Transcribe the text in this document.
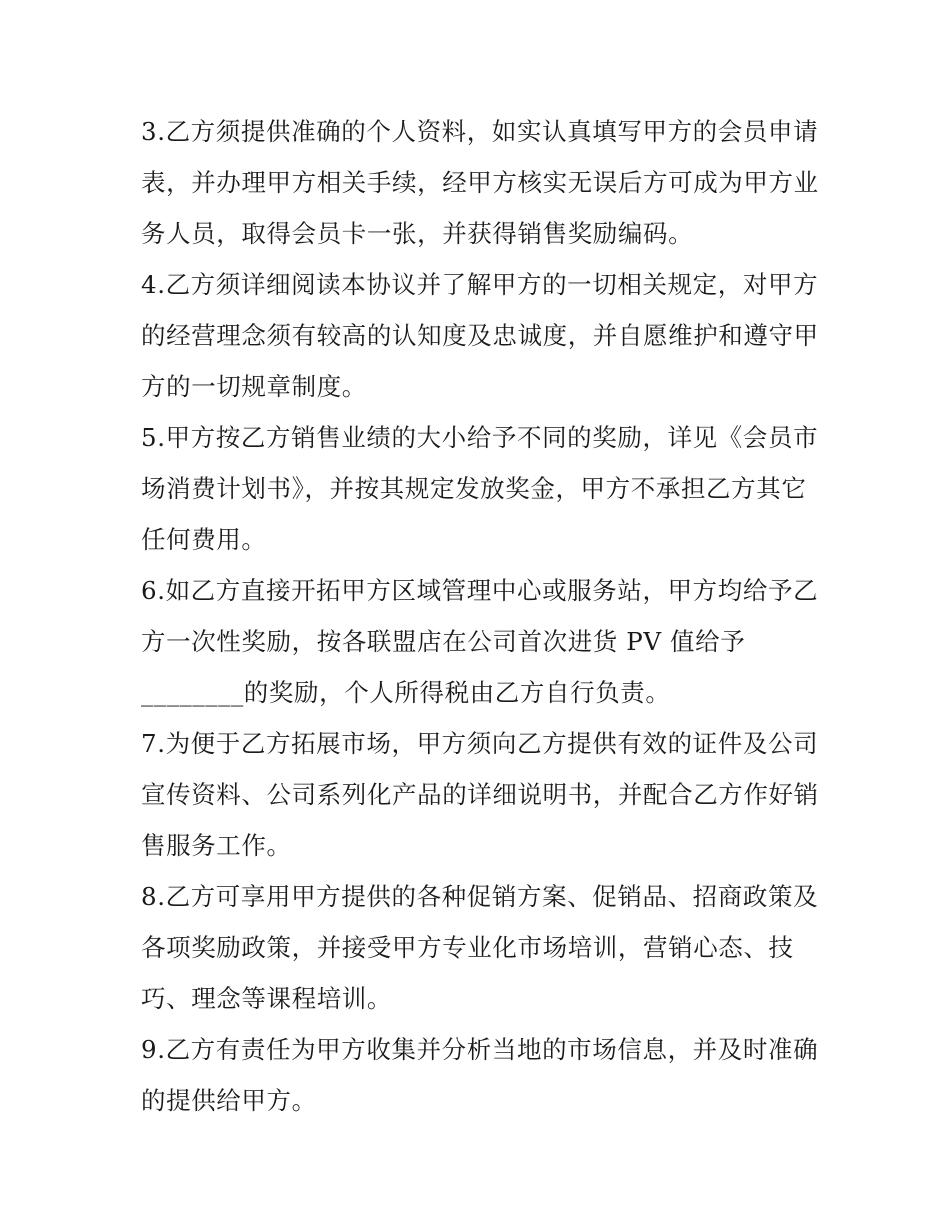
3.乙方须提供准确的个人资料，如实认真填写甲方的会员申请
表，并办理甲方相关手续，经甲方核实无误后方可成为甲方业
务人员，取得会员卡一张，并获得销售奖励编码。
4.乙方须详细阅读本协议并了解甲方的一切相关规定，对甲方
的经营理念须有较高的认知度及忠诚度，并自愿维护和遵守甲
方的一切规章制度。
5.甲方按乙方销售业绩的大小给予不同的奖励，详见《会员市
场消费计划书》，并按其规定发放奖金，甲方不承担乙方其它
任何费用。
6.如乙方直接开拓甲方区域管理中心或服务站，甲方均给予乙
方一次性奖励，按各联盟店在公司首次进货 PV 值给予
________的奖励，个人所得税由乙方自行负责。
7.为便于乙方拓展市场，甲方须向乙方提供有效的证件及公司
宣传资料、公司系列化产品的详细说明书，并配合乙方作好销
售服务工作。
8.乙方可享用甲方提供的各种促销方案、促销品、招商政策及
各项奖励政策，并接受甲方专业化市场培训，营销心态、技
巧、理念等课程培训。
9.乙方有责任为甲方收集并分析当地的市场信息，并及时准确
的提供给甲方。
